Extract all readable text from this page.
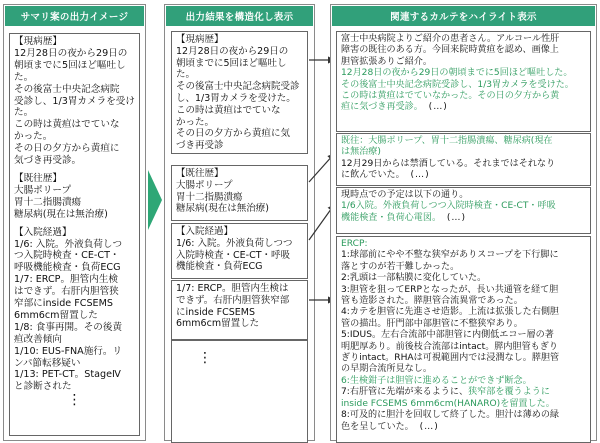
サマリ案の出力イメージ

【現病歴】

12月28日の夜から29日の

朝頃までに5回ほど嘔吐した。

その後富士中央記念病院

受診し、1/3胃カメラを受けた。

この時は黄疸はでていな

かった。

その日の夕方から黄疸に

気づき再受診。

【既往歴】

大腸ポリープ

胃十二指腸潰瘍

糖尿病(現在は無治療)

【入院経過】

1/6: 入院。外液負荷しつ

つ入院時検査・CE-CT・

呼吸機能検査・負荷ECG

1/7: ERCP。胆管内生検

はできず。右肝内胆管狭

窄部にinside FCSEMS

6mm6cm留置した

1/8: 食事再開。その後黄

疸改善傾向

1/10: EUS-FNA施行。リ

ンパ節転移疑い

1/13: PET-CT。StageⅣ

と診断された

⋮
出力結果を構造化し表示

【現病歴】

12月28日の夜から29日の

朝頃までに5回ほど嘔吐した。

その後富士中央記念病院受診

し、1/3胃カメラを受けた。

この時は黄疸はでていな

かった。

その日の夕方から黄疸に気

づき再受診

【既往歴】

大腸ポリープ

胃十二指腸潰瘍

糖尿病(現在は無治療)

【入院経過】

1/6: 入院。外液負荷しつつ

入院時検査・CE-CT・呼吸

機能検査・負荷ECG

1/7: ERCP。胆管内生検は

できず。右肝内胆管狭窄部

にinside FCSEMS

6mm6cm留置した

⋮
関連するカルテをハイライト表示

富士中央病院よりご紹介の患者さん。アルコール性肝

障害の既往のある方。今回来院時黄疸を認め、画像上

胆管拡張ありご紹介。

12月28日の夜から29日の朝頃までに5回ほど嘔吐した。

その後富士中央記念病院受診し、1/3胃カメラを受けた。

この時は黄疸はでていなかった。その日の夕方から黄

疸に気づき再受診。 (…)

既往：大腸ポリープ、胃十二指腸潰瘍、糖尿病(現在

は無治療)

12月29日からは禁酒している。それまではそれなり

に飲んでいた。 (…)

現時点での予定は以下の通り。

1/6入院。外液負荷しつつ入院時検査・CE-CT・呼吸

機能検査・負荷心電図。 (…)

ERCP:

1:球部前にやや不整な狭窄がありスコープを下行脚に

落とすのが若干難しかった。

2:乳頭は一部粘膜に変化していた。

3:胆管を狙ってERPとなったが、長い共通管を経て胆

管も造影された。膵胆管合流異常であった。

4:カテを胆管に先進させ造影。上流は拡張した右側胆

管の描出。肝門部中部胆管に不整狭窄あり。

5:IDUS。左右合流部中部胆管に内側低エコー層の著

明肥厚あり。前後枝合流部はintact。膵内胆管もぎり

ぎりintact。RHAは可視範囲内では浸潤なし。膵胆管

の早期合流所見なし。

6:生検鉗子は胆管に進めることができず断念。

7:右肝管に先端が来るように、狭窄部を覆うように

inside FCSEMS 6mm6cm(HANARO)を留置した。

8:可及的に胆汁を回収して終了した。胆汁は薄めの緑

色を呈していた。 (…)
